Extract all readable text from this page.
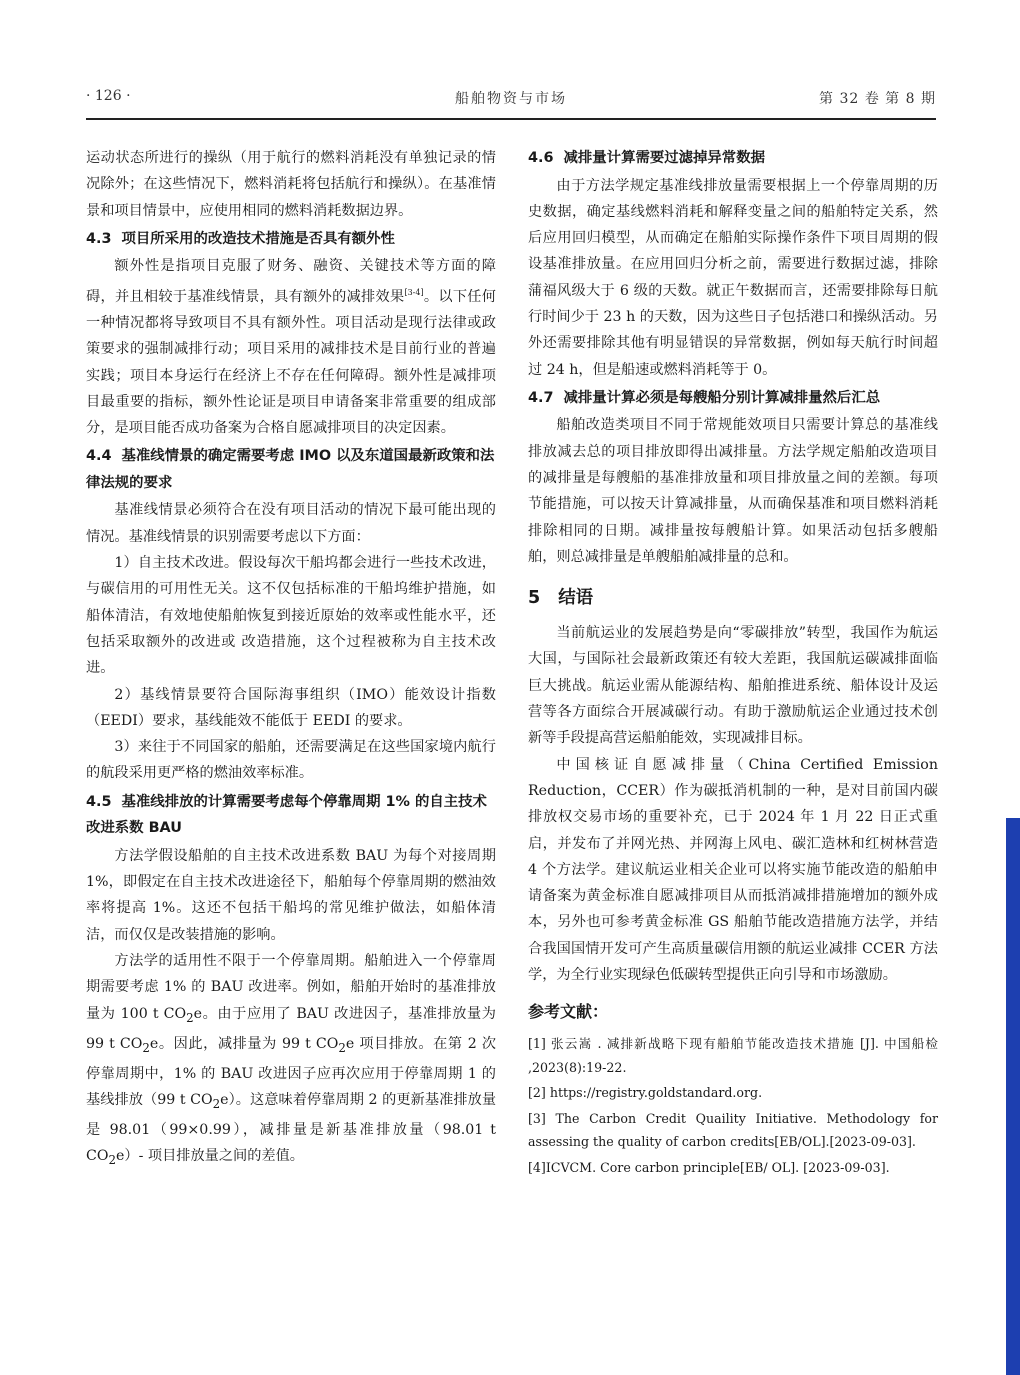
· 126 ·	船舶物资与市场	第 32 卷 第 8 期

运动状态所进行的操纵（用于航行的燃料消耗没有单独记录的情况除外；在这些情况下，燃料消耗将包括航行和操纵）。在基准情景和项目情景中，应使用相同的燃料消耗数据边界。

4.3 项目所采用的改造技术措施是否具有额外性

额外性是指项目克服了财务、融资、关键技术等方面的障碍，并且相较于基准线情景，具有额外的减排效果[3-4]。以下任何一种情况都将导致项目不具有额外性。项目活动是现行法律或政策要求的强制减排行动；项目采用的减排技术是目前行业的普遍实践；项目本身运行在经济上不存在任何障碍。额外性是减排项目最重要的指标，额外性论证是项目申请备案非常重要的组成部分，是项目能否成功备案为合格自愿减排项目的决定因素。

4.4 基准线情景的确定需要考虑 IMO 以及东道国最新政策和法律法规的要求

基准线情景必须符合在没有项目活动的情况下最可能出现的情况。基准线情景的识别需要考虑以下方面：

1）自主技术改进。假设每次干船坞都会进行一些技术改进，与碳信用的可用性无关。这不仅包括标准的干船坞维护措施，如船体清洁，有效地使船舶恢复到接近原始的效率或性能水平，还包括采取额外的改进或 改造措施，这个过程被称为自主技术改进。

2）基线情景要符合国际海事组织（IMO）能效设计指数（EEDI）要求，基线能效不能低于 EEDI 的要求。

3）来往于不同国家的船舶，还需要满足在这些国家境内航行的航段采用更严格的燃油效率标准。

4.5 基准线排放的计算需要考虑每个停靠周期 1% 的自主技术改进系数 BAU

方法学假设船舶的自主技术改进系数 BAU 为每个对接周期 1%，即假定在自主技术改进途径下，船舶每个停靠周期的燃油效率将提高 1%。这还不包括干船坞的常见维护做法，如船体清洁，而仅仅是改装措施的影响。

方法学的适用性不限于一个停靠周期。船舶进入一个停靠周期需要考虑 1% 的 BAU 改进率。例如，船舶开始时的基准排放量为 100 t $CO_2e$。由于应用了 BAU 改进因子，基准排放量为 99 t $CO_2e$。因此，减排量为 99 t $CO_2e$ 项目排放。在第 2 次停靠周期中，1% 的 BAU 改进因子应再次应用于停靠周期 1 的基线排放（99 t $CO_2e$）。这意味着停靠周期 2 的更新基准排放量是 98.01（99×0.99），减排量是新基准排放量（98.01 t $CO_2e)-$ 项目排放量之间的差值。

4.6 减排量计算需要过滤掉异常数据

由于方法学规定基准线排放量需要根据上一个停靠周期的历史数据，确定基线燃料消耗和解释变量之间的船舶特定关系，然后应用回归模型，从而确定在船舶实际操作条件下项目周期的假设基准排放量。在应用回归分析之前，需要进行数据过滤，排除蒲福风级大于 6 级的天数。就正午数据而言，还需要排除每日航行时间少于 23 h 的天数，因为这些日子包括港口和操纵活动。另外还需要排除其他有明显错误的异常数据，例如每天航行时间超过 24 h，但是船速或燃料消耗等于 0。

4.7 减排量计算必须是每艘船分别计算减排量然后汇总

船舶改造类项目不同于常规能效项目只需要计算总的基准线排放减去总的项目排放即得出减排量。方法学规定船舶改造项目的减排量是每艘船的基准排放量和项目排放量之间的差额。每项节能措施，可以按天计算减排量，从而确保基准和项目燃料消耗排除相同的日期。减排量按每艘船计算。如果活动包括多艘船舶，则总减排量是单艘船舶减排量的总和。

5 结语

当前航运业的发展趋势是向“零碳排放”转型，我国作为航运大国，与国际社会最新政策还有较大差距，我国航运碳减排面临巨大挑战。航运业需从能源结构、船舶推进系统、船体设计及运营等各方面综合开展减碳行动。有助于激励航运企业通过技术创新等手段提高营运船舶能效，实现减排目标。

中国核证自愿减排量（China Certified Emission Reduction，CCER）作为碳抵消机制的一种，是对目前国内碳排放权交易市场的重要补充，已于 2024 年 1 月 22 日正式重启，并发布了并网光热、并网海上风电、碳汇造林和红树林营造 4 个方法学。建议航运业相关企业可以将实施节能改造的船舶申请备案为黄金标准自愿减排项目从而抵消减排措施增加的额外成本，另外也可参考黄金标准 GS 船舶节能改造措施方法学，并结合我国国情开发可产生高质量碳信用额的航运业减排 CCER 方法学，为全行业实现绿色低碳转型提供正向引导和市场激励。

参考文献：

[1] 张云嵩 . 减排新战略下现有船舶节能改造技术措施 [J]. 中国船检 ,2023(8):19-22.

[2] https://registry.goldstandard.org.

[3] The Carbon Credit Quaility Initiative. Methodology for assessing the quality of carbon credits[EB/OL].[2023-09-03].

[4]ICVCM. Core carbon principle[EB/ OL]. [2023-09-03].
